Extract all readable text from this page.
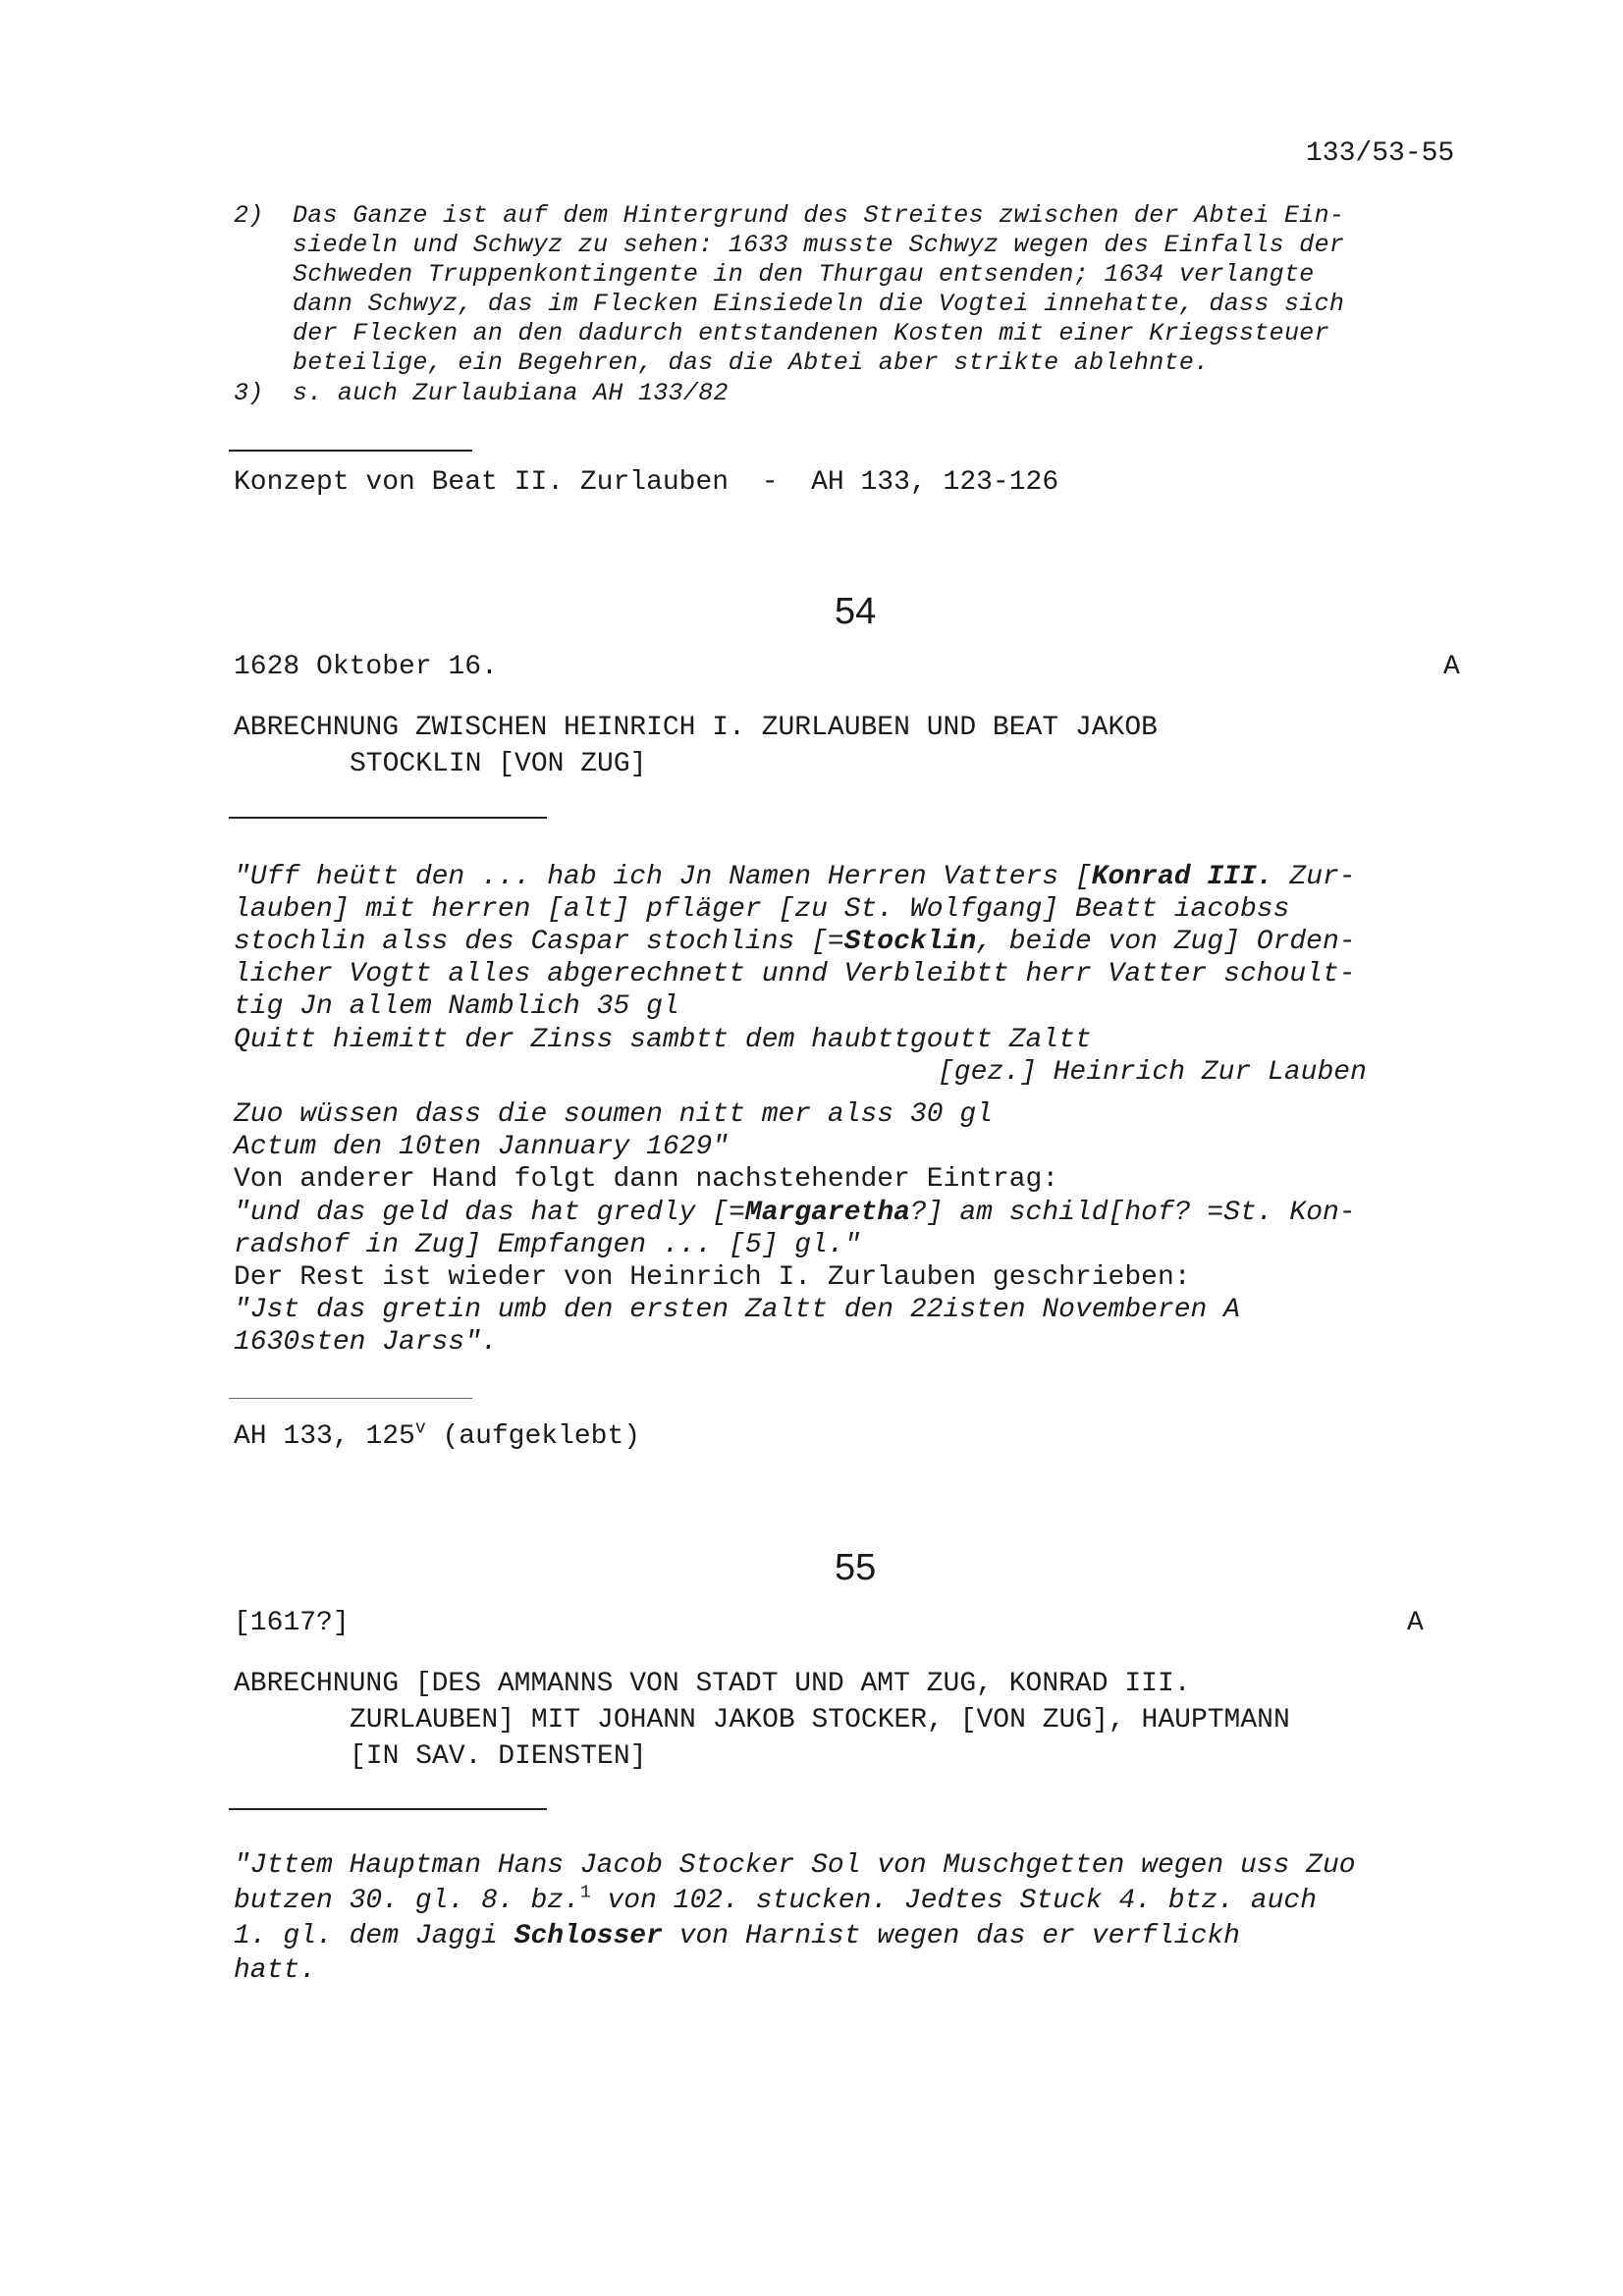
133/53-55
2) Das Ganze ist auf dem Hintergrund des Streites zwischen der Abtei Ein-
siedeln und Schwyz zu sehen: 1633 musste Schwyz wegen des Einfalls der
Schweden Truppenkontingente in den Thurgau entsenden; 1634 verlangte
dann Schwyz, das im Flecken Einsiedeln die Vogtei innehatte, dass sich
der Flecken an den dadurch entstandenen Kosten mit einer Kriegssteuer
beteilige, ein Begehren, das die Abtei aber strikte ablehnte.
3) s. auch Zurlaubiana AH 133/82
Konzept von Beat II. Zurlauben  -  AH 133, 123-126
54
1628 Oktober 16.	A
ABRECHNUNG ZWISCHEN HEINRICH I. ZURLAUBEN UND BEAT JAKOB
STOCKLIN [VON ZUG]
"Uff heütt den ... hab ich Jn Namen Herren Vatters [Konrad III. Zur-
lauben] mit herren [alt] pfläger [zu St. Wolfgang] Beatt iacobss
stochlin alss des Caspar stochlins [=Stocklin, beide von Zug] Orden-
licher Vogtt alles abgerechnett unnd Verbleibtt herr Vatter schoult-
tig Jn allem Namblich 35 gl
Quitt hiemitt der Zinss sambtt dem haubttgoutt Zaltt
[gez.] Heinrich Zur Lauben
Zuo wüssen dass die soumen nitt mer alss 30 gl
Actum den 10ten Jannuary 1629"
Von anderer Hand folgt dann nachstehender Eintrag:
"und das geld das hat gredly [=Margaretha?] am schild[hof? =St. Kon-
radshof in Zug] Empfangen ... [5] gl."
Der Rest ist wieder von Heinrich I. Zurlauben geschrieben:
"Jst das gretin umb den ersten Zaltt den 22isten Novemberen A
1630sten Jarss".
AH 133, 125$^v$ (aufgeklebt)
55
[1617?]	A
ABRECHNUNG [DES AMMANNS VON STADT UND AMT ZUG, KONRAD III.
ZURLAUBEN] MIT JOHANN JAKOB STOCKER, [VON ZUG], HAUPTMANN
[IN SAV. DIENSTEN]
"Jttem Hauptman Hans Jacob Stocker Sol von Muschgetten wegen uss Zuo
butzen 30. gl. 8. bz.$^1$ von 102. stucken. Jedtes Stuck 4. btz. auch
1. gl. dem Jaggi Schlosser von Harnist wegen das er verflickh
hatt.
